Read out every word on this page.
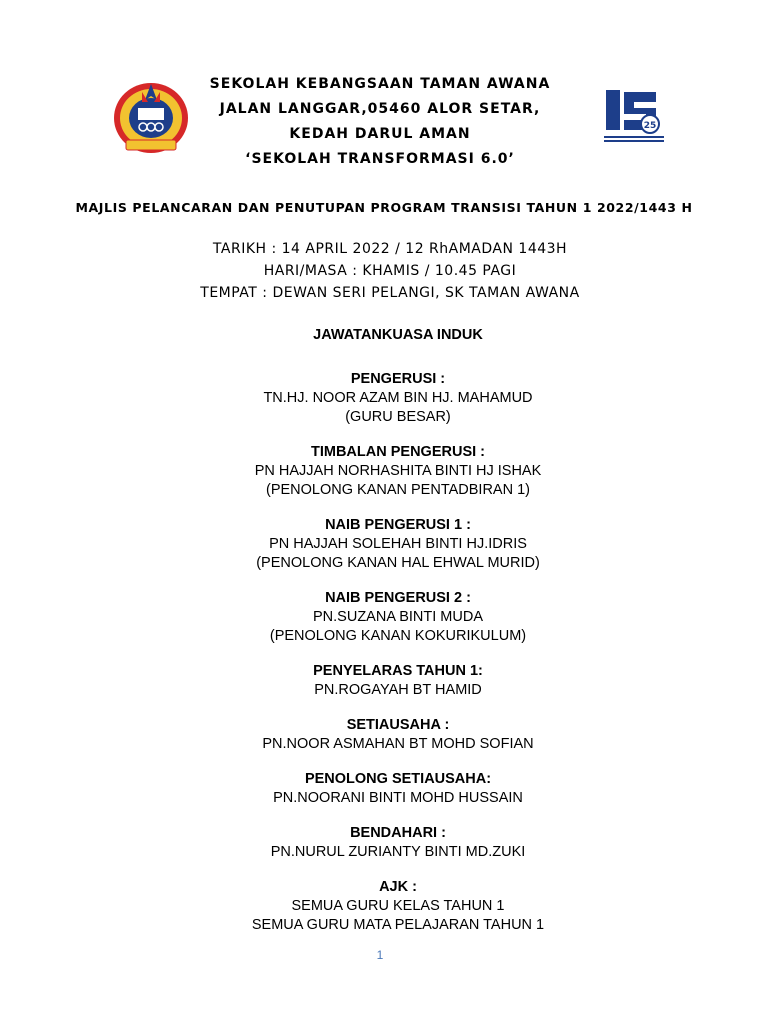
25
SEKOLAH KEBANGSAAN TAMAN AWANA
JALAN LANGGAR,05460 ALOR SETAR,
KEDAH DARUL AMAN
‘SEKOLAH TRANSFORMASI 6.0’
MAJLIS PELANCARAN DAN PENUTUPAN PROGRAM TRANSISI TAHUN 1 2022/1443 H
TARIKH : 14 APRIL 2022 / 12 RhAMADAN 1443H
HARI/MASA : KHAMIS / 10.45 PAGI
TEMPAT : DEWAN SERI PELANGI, SK TAMAN AWANA
JAWATANKUASA INDUK
PENGERUSI :
TN.HJ. NOOR AZAM BIN HJ. MAHAMUD
(GURU BESAR)
TIMBALAN PENGERUSI :
PN HAJJAH NORHASHITA BINTI HJ ISHAK
(PENOLONG KANAN PENTADBIRAN 1)
NAIB PENGERUSI 1 :
PN HAJJAH SOLEHAH BINTI HJ.IDRIS
(PENOLONG KANAN HAL EHWAL MURID)
NAIB PENGERUSI 2 :
PN.SUZANA BINTI MUDA
(PENOLONG KANAN KOKURIKULUM)
PENYELARAS TAHUN 1:
PN.ROGAYAH BT HAMID
SETIAUSAHA :
PN.NOOR ASMAHAN BT MOHD SOFIAN
PENOLONG SETIAUSAHA:
PN.NOORANI BINTI MOHD HUSSAIN
BENDAHARI :
PN.NURUL ZURIANTY BINTI MD.ZUKI
AJK :
SEMUA GURU KELAS TAHUN 1
SEMUA GURU MATA PELAJARAN TAHUN 1
1
